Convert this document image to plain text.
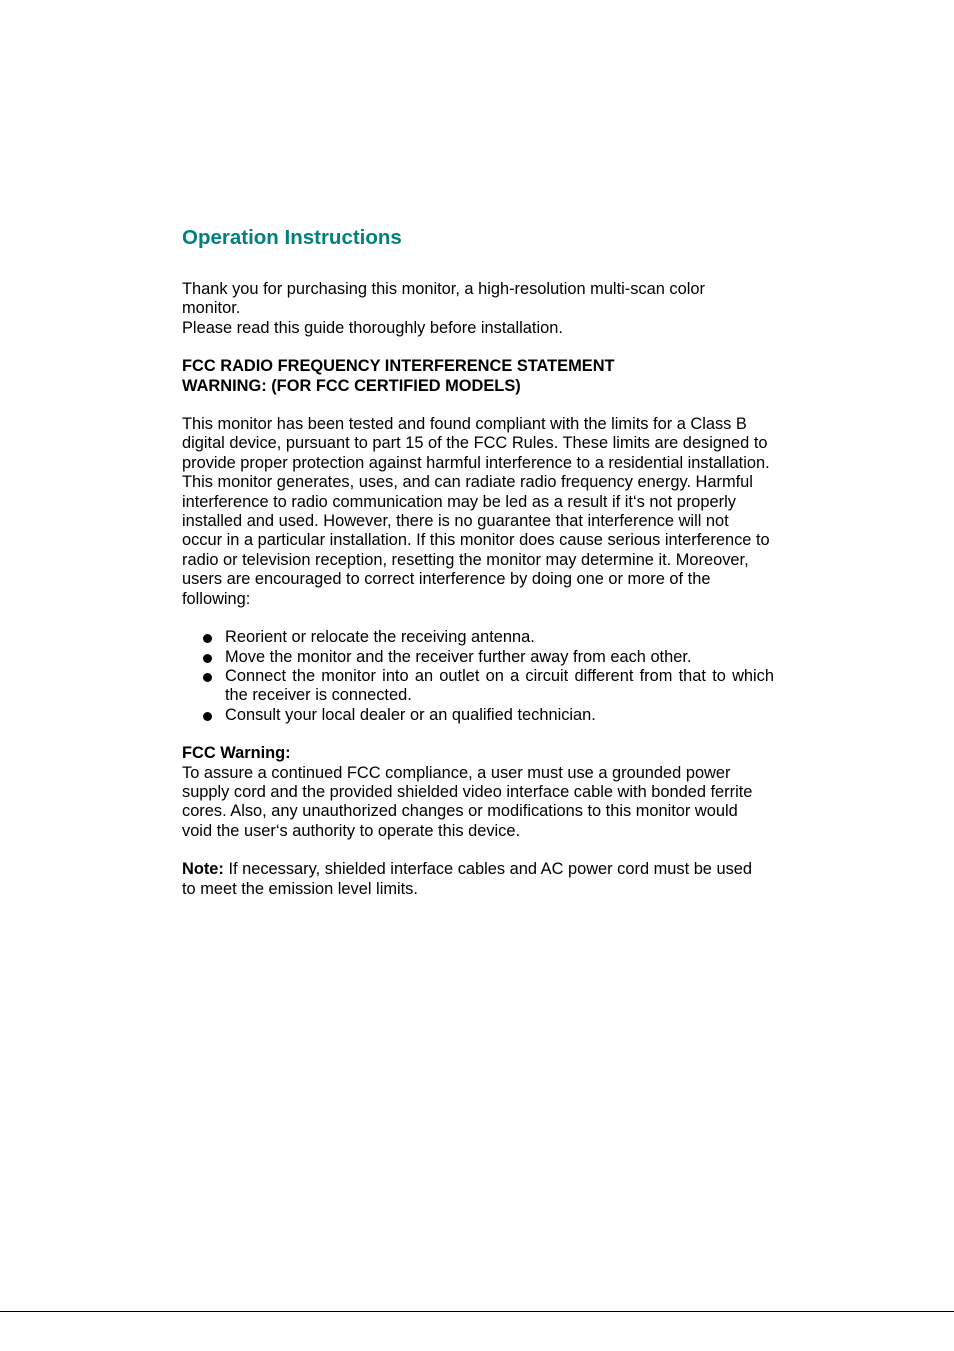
Operation Instructions

Thank you for purchasing this monitor, a high-resolution multi-scan color monitor.

Please read this guide thoroughly before installation.

FCC RADIO FREQUENCY INTERFERENCE STATEMENT

WARNING: (FOR FCC CERTIFIED MODELS)

This monitor has been tested and found compliant with the limits for a Class B digital device, pursuant to part 15 of the FCC Rules. These limits are designed to provide proper protection against harmful interference to a residential installation. This monitor generates, uses, and can radiate radio frequency energy. Harmful interference to radio communication may be led as a result if it‘s not properly installed and used. However, there is no guarantee that interference will not occur in a particular installation. If this monitor does cause serious interference to radio or television reception, resetting the monitor may determine it. Moreover, users are encouraged to correct interference by doing one or more of the following:

Reorient or relocate the receiving antenna.
Move the monitor and the receiver further away from each other.
Connect the monitor into an outlet on a circuit different from that to which the receiver is connected.
Consult your local dealer or an qualified technician.

FCC Warning:

To assure a continued FCC compliance, a user must use a grounded power supply cord and the provided shielded video interface cable with bonded ferrite cores. Also, any unauthorized changes or modifications to this monitor would void the user‘s authority to operate this device.

Note: If necessary, shielded interface cables and AC power cord must be used to meet the emission level limits.
